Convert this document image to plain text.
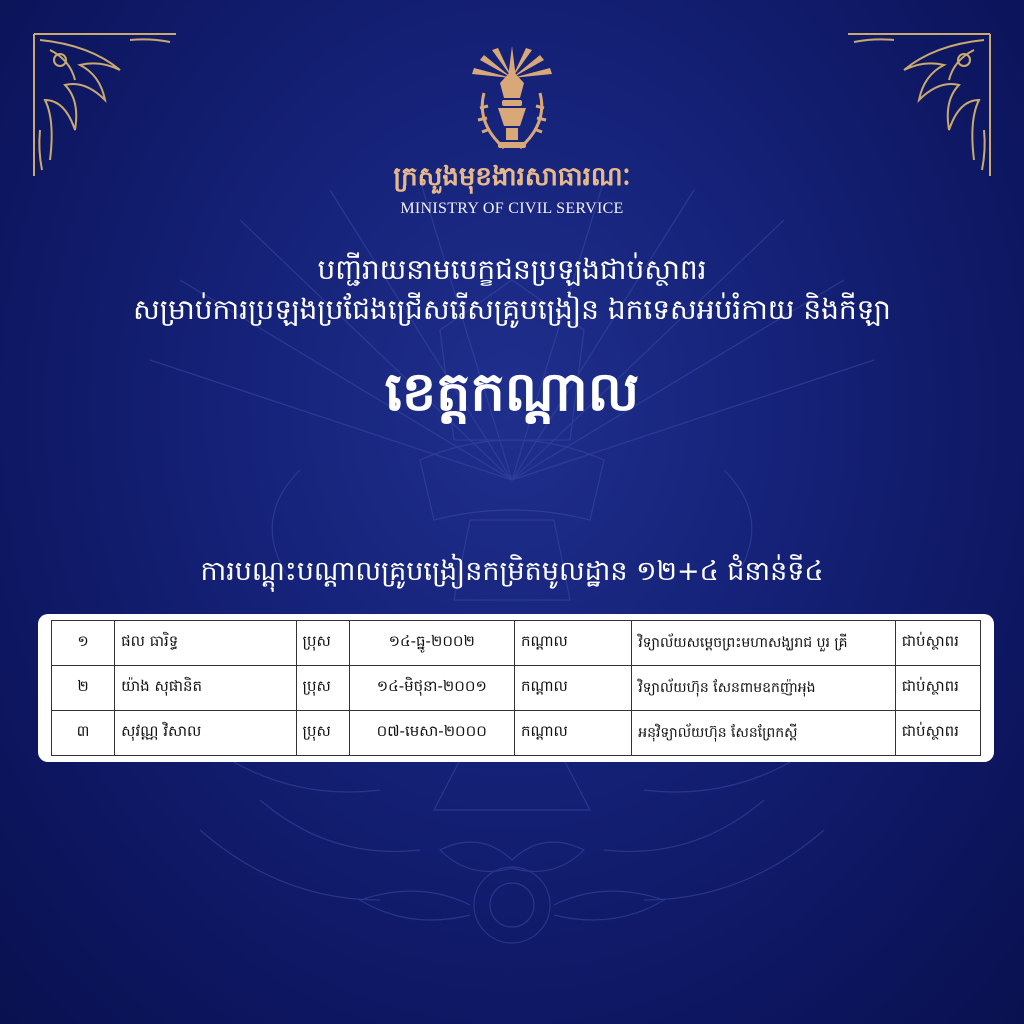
ក្រសួងមុខងារសាធារណៈ
MINISTRY OF CIVIL SERVICE
បញ្ជីរាយនាមបេក្ខជនប្រឡងជាប់ស្ថាពរ
សម្រាប់ការប្រឡងប្រជែងជ្រើសរើសគ្រូបង្រៀន ឯកទេសអប់រំកាយ និងកីឡា
ខេត្តកណ្តាល
ការបណ្តុះបណ្តាលគ្រូបង្រៀនកម្រិតមូលដ្ឋាន ១២+៤ ជំនាន់ទី៤
១	ផល ធារិទ្ធ	ប្រុស	១៤-ធ្នូ-២០០២	កណ្តាល	វិទ្យាល័យសម្តេចព្រះមហាសង្ឃរាជ បួរ គ្រី	ជាប់ស្ថាពរ
២	យ៉ាង សុផានិត	ប្រុស	១៤-មិថុនា-២០០១	កណ្តាល	វិទ្យាល័យហ៊ុន សែនពាមឧកញ៉ាអុង	ជាប់ស្ថាពរ
៣	សុវណ្ណ វិសាល	ប្រុស	០៧-មេសា-២០០០	កណ្តាល	អនុវិទ្យាល័យហ៊ុន សែនព្រែកស្តី	ជាប់ស្ថាពរ
